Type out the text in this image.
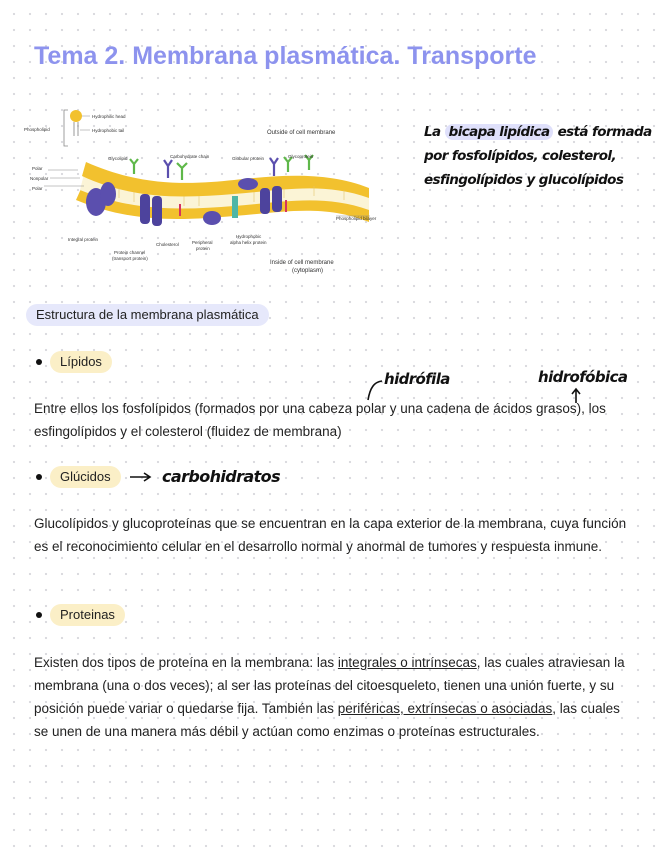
Tema 2. Membrana plasmática. Transporte
Phospholipid
Hydrophilic head
Hydrophobic tail	Outside of cell membrane
Glycolipid	Carbohydrate chain	Globular protein	Glycoprotein
Polar
Nonpolar
Polar
Phospholipid bilayer
Integral protein
Cholesterol	Peripheral
protein
Hydrophobic
alpha helix protein
Protein channel
(transport protein)
Inside of cell membrane
(cytoplasm)
La bicapa lipídica está formada por fosfolípidos, colesterol, esfingolípidos y glucolípidos
Estructura de la membrana plasmática
Lípidos
hidrófila	hidrofóbica

Entre ellos los fosfolípidos (formados por una cabeza polar y una cadena de ácidos grasos), los esfingolípidos y el colesterol (fluidez de membrana)

Glúcidos	carbohidratos

Glucolípidos y glucoproteínas que se encuentran en la capa exterior de la membrana, cuya función es el reconocimiento celular en el desarrollo normal y anormal de tumores y respuesta inmune.

Proteinas

Existen dos tipos de proteína en la membrana: las integrales o intrínsecas, las cuales atraviesan la membrana (una o dos veces); al ser las proteínas del citoesqueleto, tienen una unión fuerte, y su posición puede variar o quedarse fija. También las periféricas, extrínsecas o asociadas, las cuales se unen de una manera más débil y actúan como enzimas o proteínas estructurales.
